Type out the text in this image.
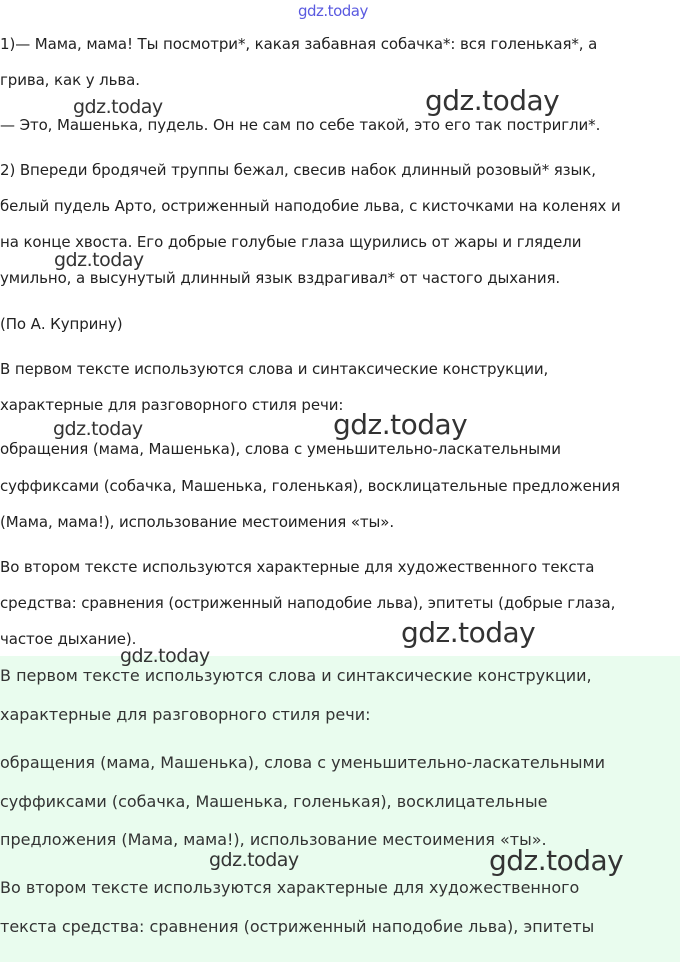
gdz.today
1)— Мама, мама! Ты посмотри*, какая забавная собачка*: вся голенькая*, а
грива, как у льва.
— Это, Машенька, пудель. Он не сам по себе такой, это его так постригли*.
2) Впереди бродячей труппы бежал, свесив набок длинный розовый* язык,
белый пудель Арто, остриженный наподобие льва, с кисточками на коленях и
на конце хвоста. Его добрые голубые глаза щурились от жары и глядели
умильно, а высунутый длинный язык вздрагивал* от частого дыхания.
(По А. Куприну)
В первом тексте используются слова и синтаксические конструкции,
характерные для разговорного стиля речи:
обращения (мама, Машенька), слова с уменьшительно-ласкательными
суффиксами (собачка, Машенька, голенькая), восклицательные предложения
(Мама, мама!), использование местоимения «ты».
Во втором тексте используются характерные для художественного текста
средства: сравнения (остриженный наподобие льва), эпитеты (добрые глаза,
частое дыхание).
В первом тексте используются слова и синтаксические конструкции,
характерные для разговорного стиля речи:
обращения (мама, Машенька), слова с уменьшительно-ласкательными
суффиксами (собачка, Машенька, голенькая), восклицательные
предложения (Мама, мама!), использование местоимения «ты».
Во втором тексте используются характерные для художественного
текста средства: сравнения (остриженный наподобие льва), эпитеты
gdz.today
gdz.today
gdz.today
gdz.today
gdz.today
gdz.today
gdz.today
gdz.today
gdz.today
